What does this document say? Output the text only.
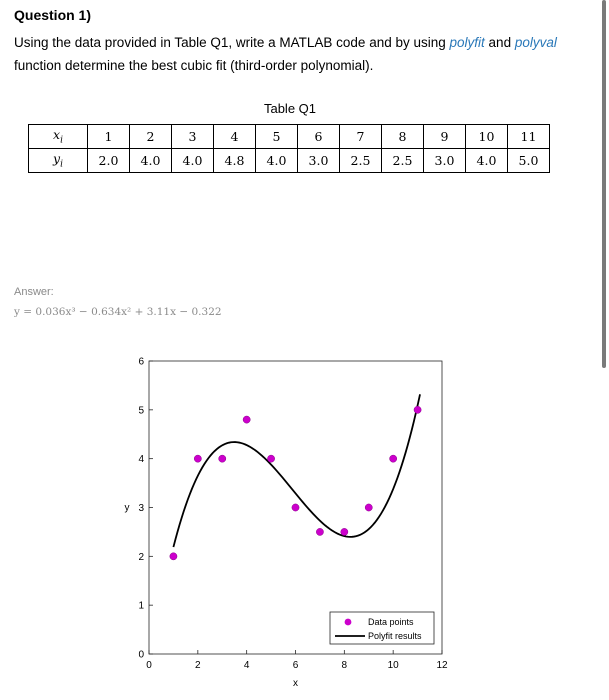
Question 1)
Using the data provided in Table Q1, write a MATLAB code and by using polyfit and polyval
function determine the best cubic fit (third-order polynomial).
Table Q1
$x_i$	1	2	3	4	5	6	7	8	9	10	11
$y_i$	2.0	4.0	4.0	4.8	4.0	3.0	2.5	2.5	3.0	4.0	5.0
Answer:
y = 0.036x³ − 0.634x² + 3.11x − 0.322
0	2	4	6	8	10	12
0
1
2
3
4
5
6
x
y
Data points
Polyfit results
